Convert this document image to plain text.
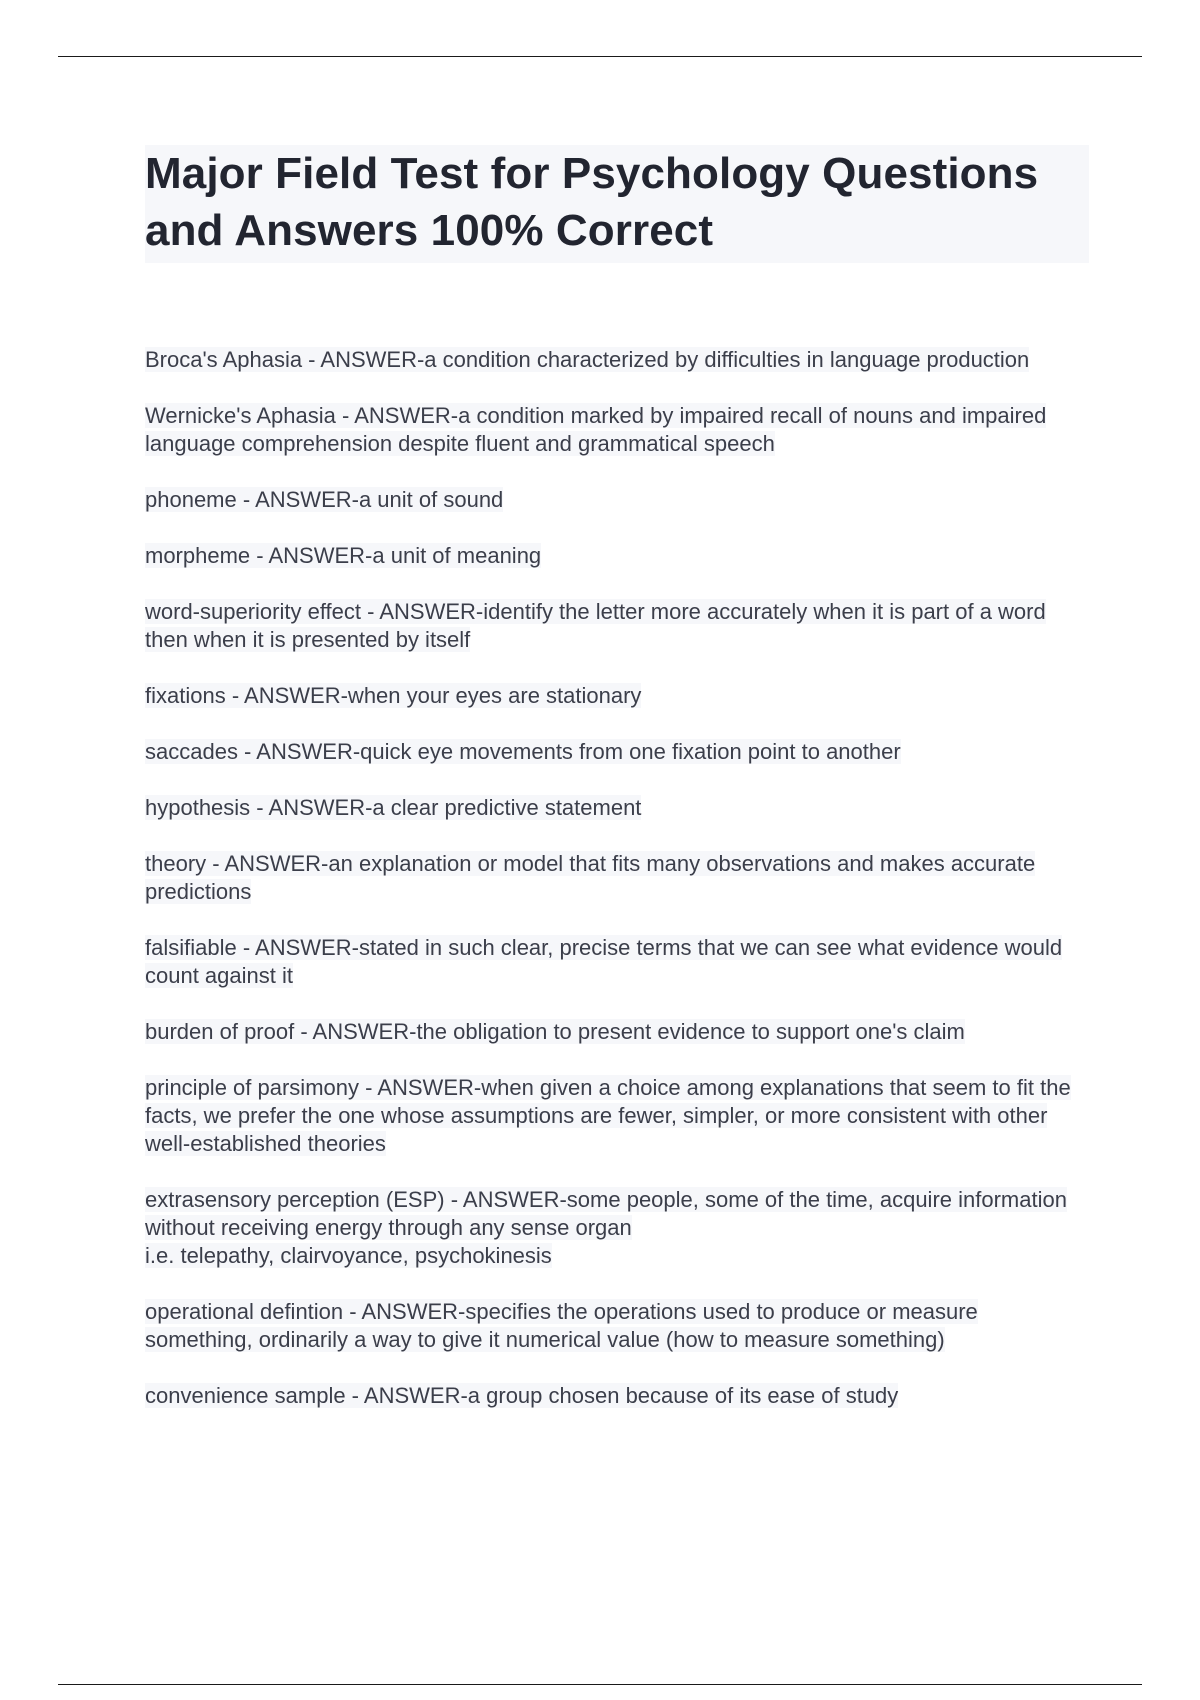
Major Field Test for Psychology Questions and Answers 100% Correct

Broca's Aphasia - ANSWER-a condition characterized by difficulties in language production

Wernicke's Aphasia - ANSWER-a condition marked by impaired recall of nouns and impaired language comprehension despite fluent and grammatical speech

phoneme - ANSWER-a unit of sound

morpheme - ANSWER-a unit of meaning

word-superiority effect - ANSWER-identify the letter more accurately when it is part of a word then when it is presented by itself

fixations - ANSWER-when your eyes are stationary

saccades - ANSWER-quick eye movements from one fixation point to another

hypothesis - ANSWER-a clear predictive statement

theory - ANSWER-an explanation or model that fits many observations and makes accurate predictions

falsifiable - ANSWER-stated in such clear, precise terms that we can see what evidence would count against it

burden of proof - ANSWER-the obligation to present evidence to support one's claim

principle of parsimony - ANSWER-when given a choice among explanations that seem to fit the facts, we prefer the one whose assumptions are fewer, simpler, or more consistent with other well-established theories

extrasensory perception (ESP) - ANSWER-some people, some of the time, acquire information without receiving energy through any sense organ
i.e. telepathy, clairvoyance, psychokinesis

operational defintion - ANSWER-specifies the operations used to produce or measure something, ordinarily a way to give it numerical value (how to measure something)

convenience sample - ANSWER-a group chosen because of its ease of study
